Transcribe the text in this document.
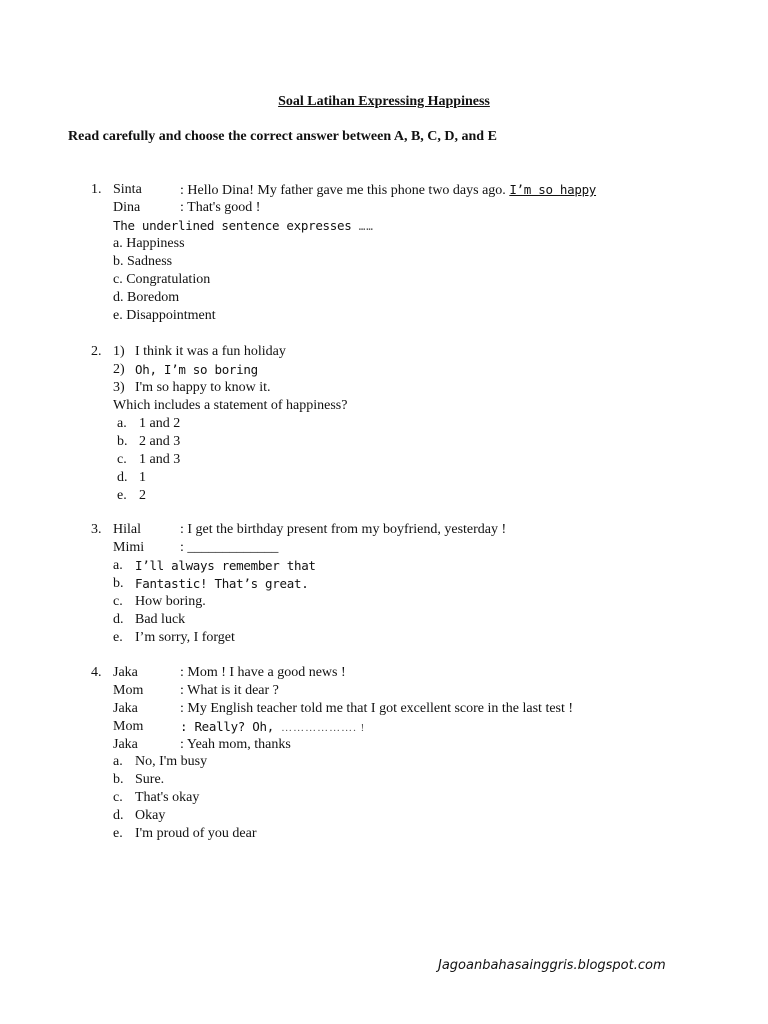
Soal Latihan Expressing Happiness
Read carefully and choose the correct answer between A, B, C, D, and E
1. Sinta	: Hello Dina! My father gave me this phone two days ago. I’m so happy
Dina	: That's good !
The underlined sentence expresses ……
a. Happiness
b. Sadness
c. Congratulation
d. Boredom
e. Disappointment
2. 1) I think it was a fun holiday
2) Oh, I’m so boring
3) I'm so happy to know it.
Which includes a statement of happiness?
a. 1 and 2
b. 2 and 3
c. 1 and 3
d. 1
e. 2
3. Hilal	: I get the birthday present from my boyfriend, yesterday !
Mimi	: _____________
a. I’ll always remember that
b. Fantastic! That’s great.
c. How boring.
d. Bad luck
e. I’m sorry, I forget
4. Jaka	: Mom ! I have a good news !
Mom	: What is it dear ?
Jaka	: My English teacher told me that I got excellent score in the last test !
Mom	: Really? Oh, ………………. !
Jaka	: Yeah mom, thanks
a. No, I'm busy
b. Sure.
c. That's okay
d. Okay
e. I'm proud of you dear
Jagoanbahasainggris.blogspot.com
